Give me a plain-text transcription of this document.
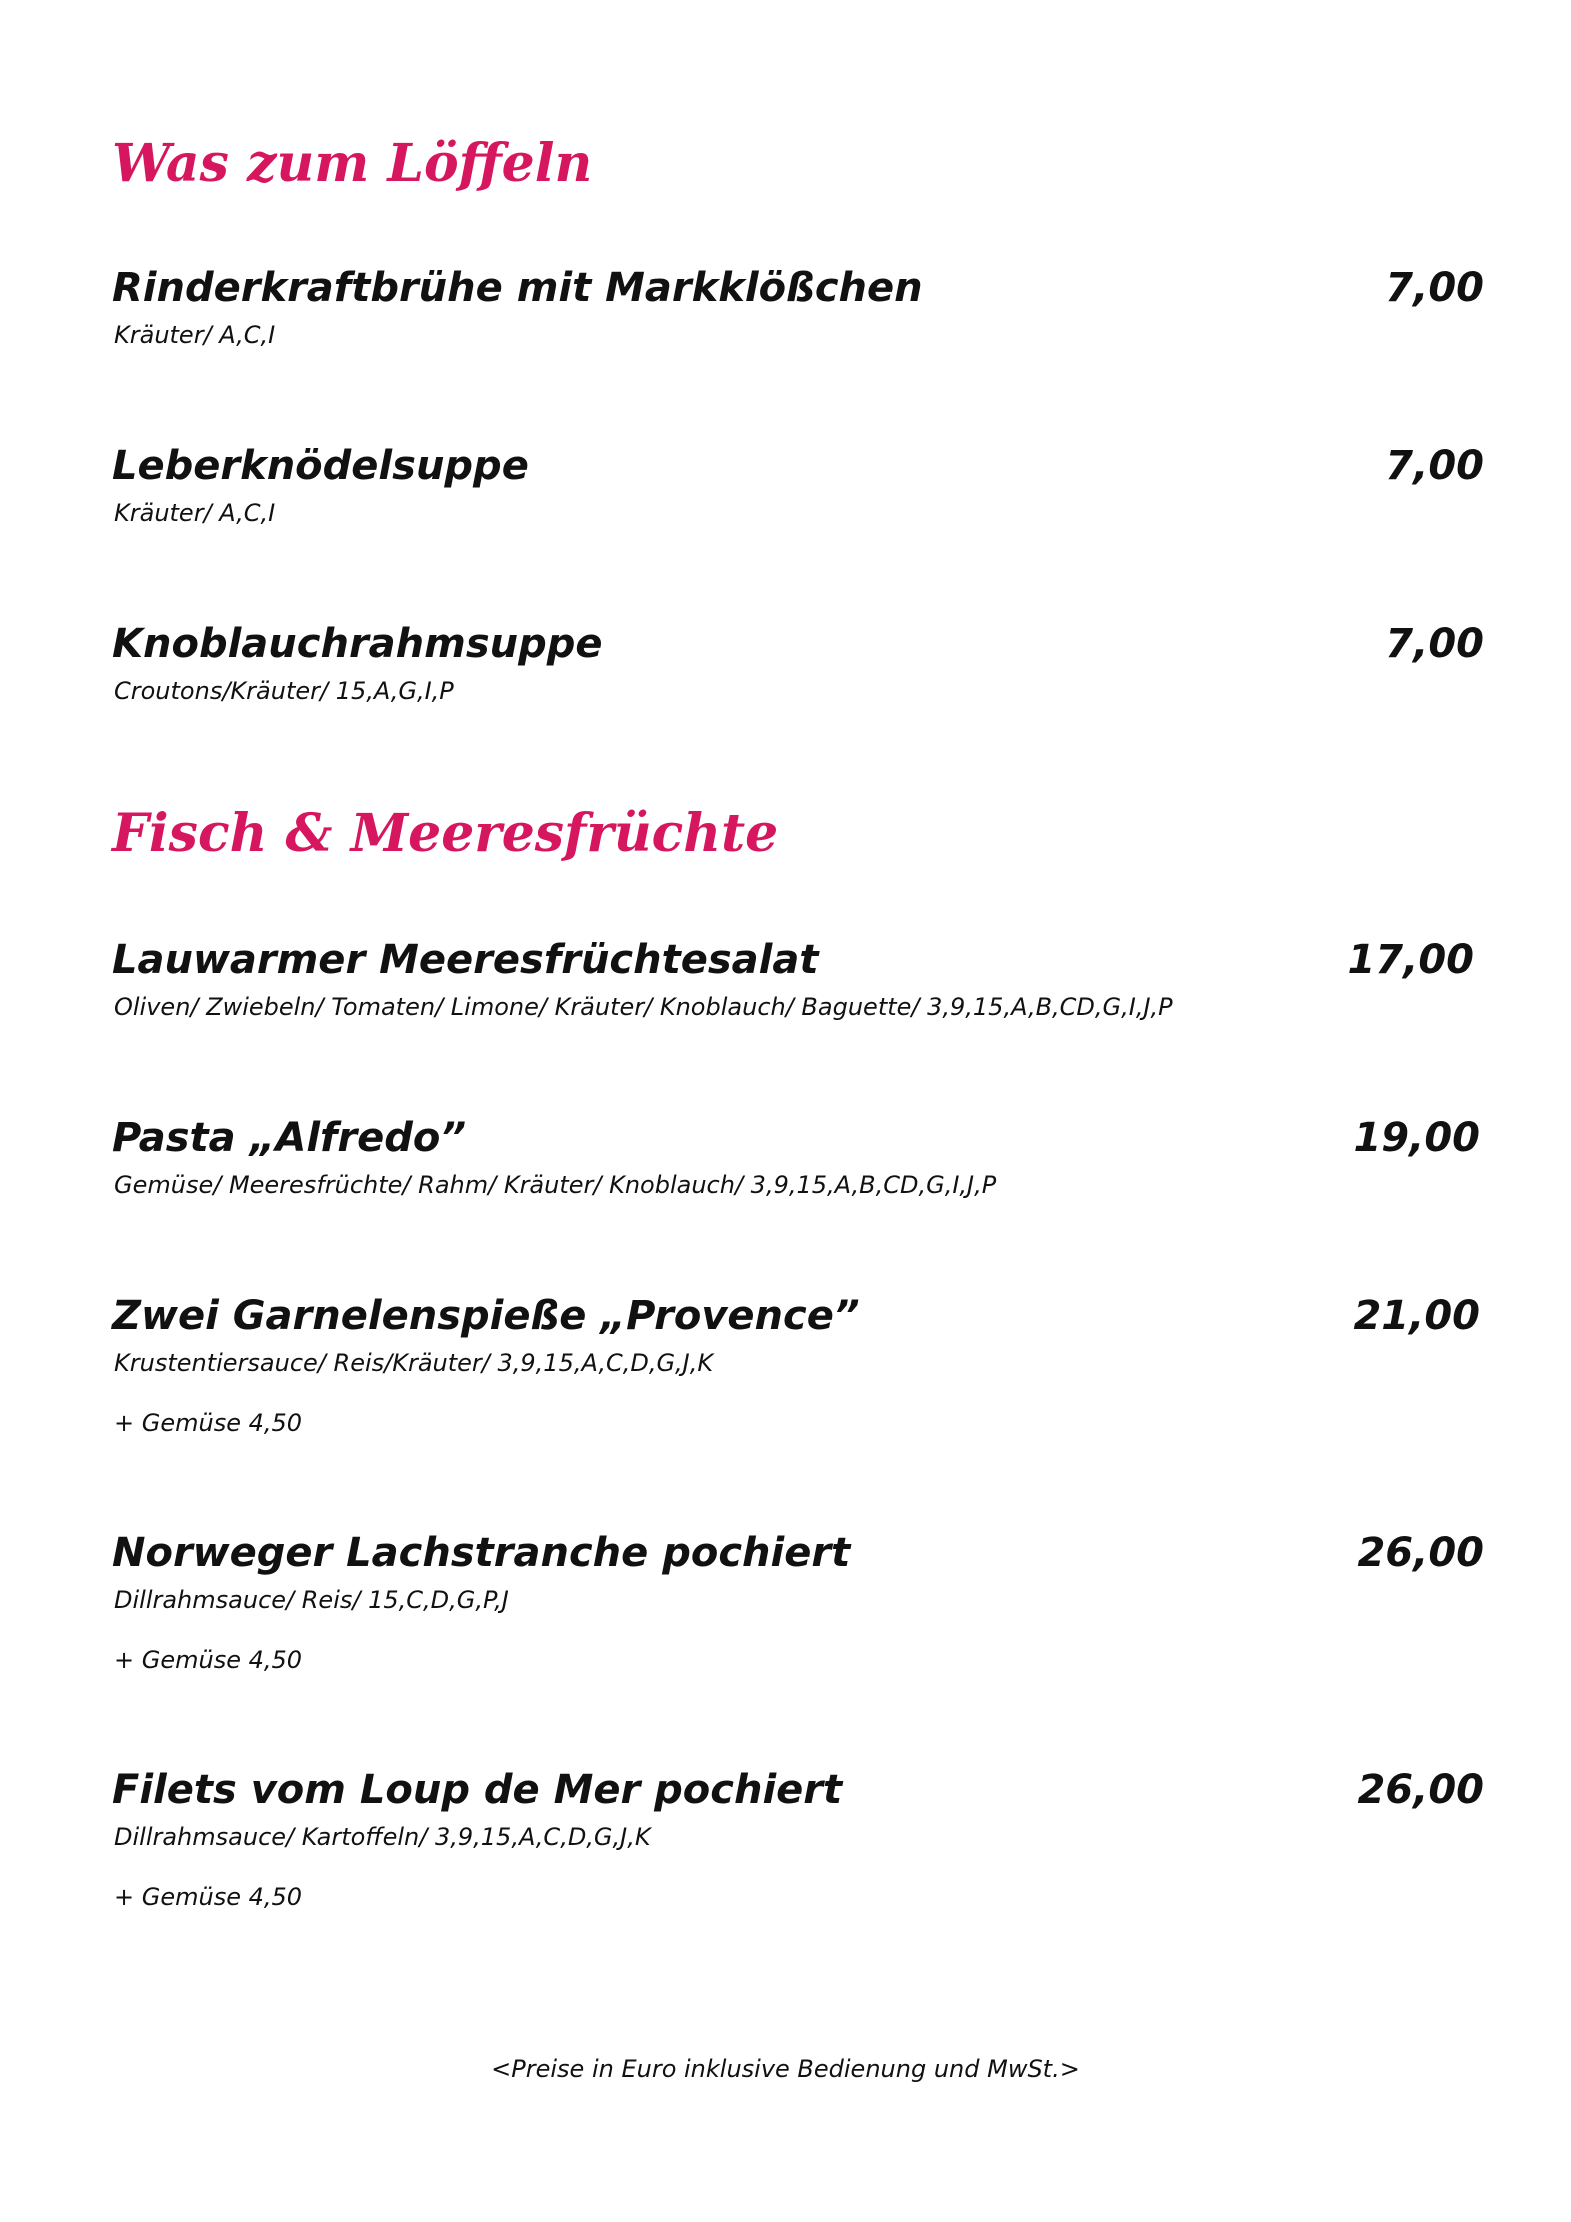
Was zum Löffeln
Rinderkraftbrühe mit Markklößchen	7,00
Kräuter/ A,C,I
Leberknödelsuppe	7,00
Kräuter/ A,C,I
Knoblauchrahmsuppe	7,00
Croutons/Kräuter/ 15,A,G,I,P
Fisch & Meeresfrüchte
Lauwarmer Meeresfrüchtesalat	17,00
Oliven/ Zwiebeln/ Tomaten/ Limone/ Kräuter/ Knoblauch/ Baguette/ 3,9,15,A,B,CD,G,I,J,P
Pasta „Alfredo”	19,00
Gemüse/ Meeresfrüchte/ Rahm/ Kräuter/ Knoblauch/ 3,9,15,A,B,CD,G,I,J,P
Zwei Garnelenspieße „Provence”	21,00
Krustentiersauce/ Reis/Kräuter/ 3,9,15,A,C,D,G,J,K
+ Gemüse 4,50
Norweger Lachstranche pochiert	26,00
Dillrahmsauce/ Reis/ 15,C,D,G,P,J
+ Gemüse 4,50
Filets vom Loup de Mer pochiert	26,00
Dillrahmsauce/ Kartoffeln/ 3,9,15,A,C,D,G,J,K
+ Gemüse 4,50
<Preise in Euro inklusive Bedienung und MwSt.>
